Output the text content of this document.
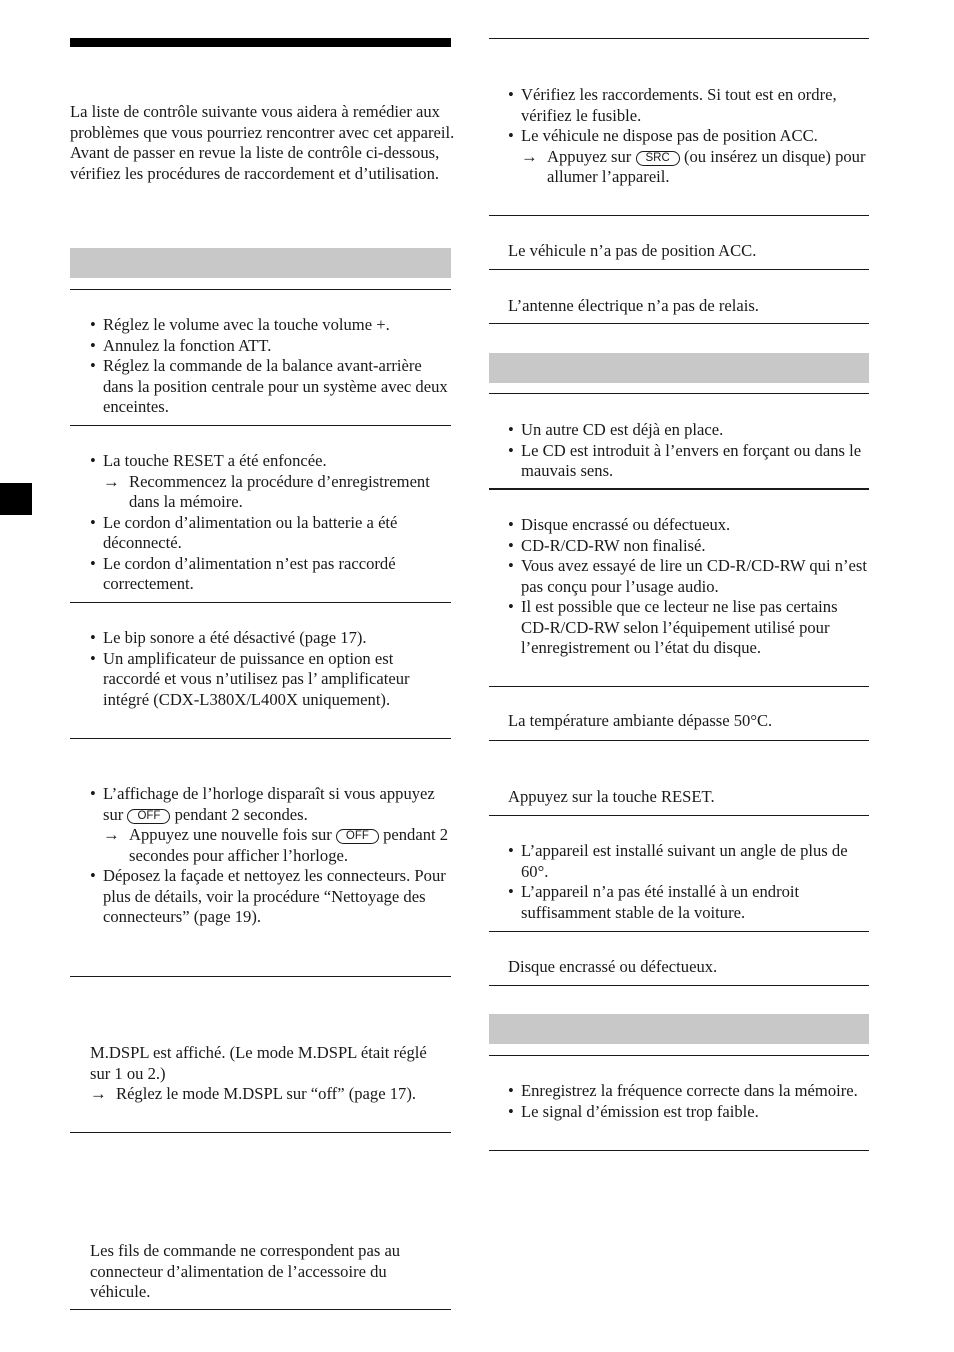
La liste de contrôle suivante vous aidera à remédier aux problèmes que vous pourriez rencontrer avec cet appareil.

Avant de passer en revue la liste de contrôle ci-dessous, vérifiez les procédures de raccordement et d’utilisation.

• Réglez le volume avec la touche volume +.
• Annulez la fonction ATT.
• Réglez la commande de la balance avant-arrière dans la position centrale pour un système avec deux enceintes.
• La touche RESET a été enfoncée.
→ Recommencez la procédure d’enregistrement dans la mémoire.
• Le cordon d’alimentation ou la batterie a été déconnecté.
• Le cordon d’alimentation n’est pas raccordé correctement.
• Le bip sonore a été désactivé (page 17).
• Un amplificateur de puissance en option est raccordé et vous n’utilisez pas l’ amplificateur intégré (CDX-L380X/L400X uniquement).
• L’affichage de l’horloge disparaît si vous appuyez sur OFF pendant 2 secondes.
→ Appuyez une nouvelle fois sur OFF pendant 2 secondes pour afficher l’horloge.
• Déposez la façade et nettoyez les connecteurs. Pour plus de détails, voir la procédure “Nettoyage des connecteurs” (page 19).
M.DSPL est affiché. (Le mode M.DSPL était réglé sur 1 ou 2.)
→ Réglez le mode M.DSPL sur “off” (page 17).
Les fils de commande ne correspondent pas au connecteur d’alimentation de l’accessoire du véhicule.
• Vérifiez les raccordements. Si tout est en ordre, vérifiez le fusible.
• Le véhicule ne dispose pas de position ACC.
→ Appuyez sur SRC (ou insérez un disque) pour allumer l’appareil.
Le véhicule n’a pas de position ACC.
L’antenne électrique n’a pas de relais.
• Un autre CD est déjà en place.
• Le CD est introduit à l’envers en forçant ou dans le mauvais sens.
• Disque encrassé ou défectueux.
• CD-R/CD-RW non finalisé.
• Vous avez essayé de lire un CD-R/CD-RW qui n’est pas conçu pour l’usage audio.
• Il est possible que ce lecteur ne lise pas certains CD-R/CD-RW selon l’équipement utilisé pour l’enregistrement ou l’état du disque.
La température ambiante dépasse 50°C.
Appuyez sur la touche RESET.
• L’appareil est installé suivant un angle de plus de 60°.
• L’appareil n’a pas été installé à un endroit suffisamment stable de la voiture.
Disque encrassé ou défectueux.
• Enregistrez la fréquence correcte dans la mémoire.
• Le signal d’émission est trop faible.
